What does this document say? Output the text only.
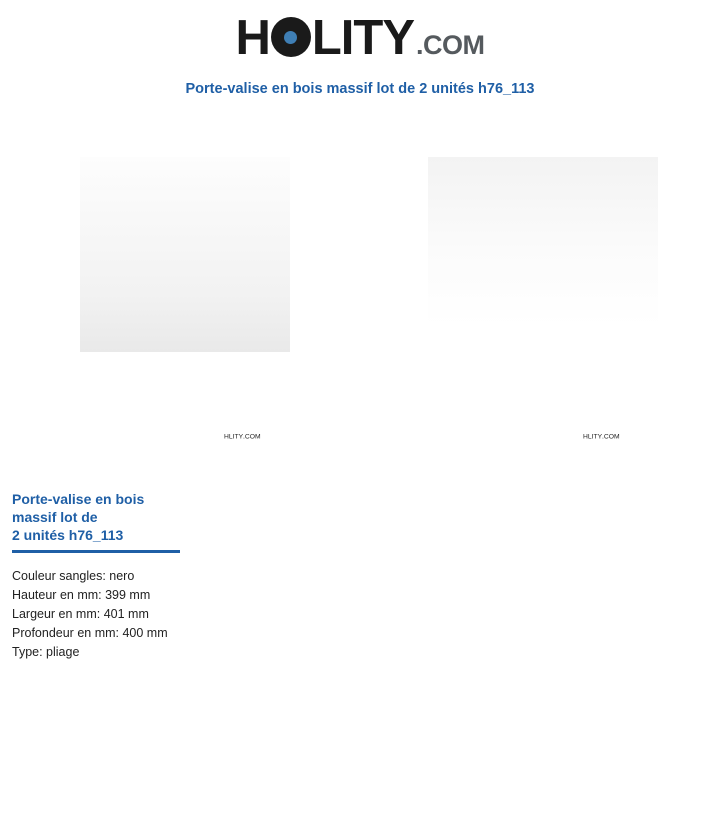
H LITY .COM
Porte-valise en bois massif lot de 2 unités h76_113
H LITY .COM	H LITY .COM
Porte-valise en bois
massif lot de
2 unités h76_113
Couleur sangles: nero
Hauteur en mm: 399 mm
Largeur en mm: 401 mm
Profondeur en mm: 400 mm
Type: pliage
